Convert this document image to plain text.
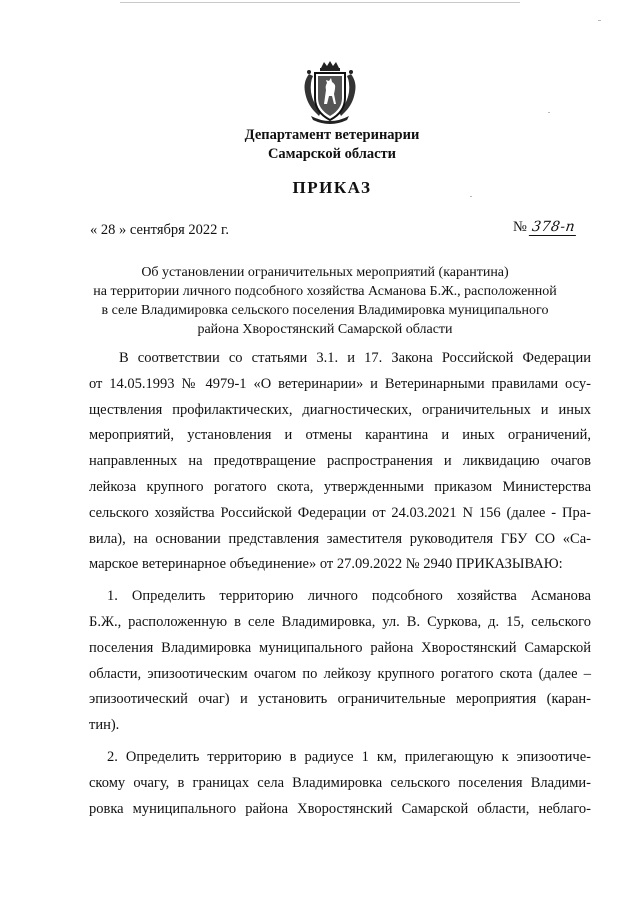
Департамент ветеринарии
Самарской области
ПРИКАЗ
« 28 » сентября 2022 г.	№ 378-п
Об установлении ограничительных мероприятий (карантина)
на территории личного подсобного хозяйства Асманова Б.Ж., расположенной
в селе Владимировка сельского поселения Владимировка муниципального
района Хворостянский Самарской области

В соответствии со статьями 3.1. и 17. Закона Российской Федерации
от 14.05.1993 № 4979-1 «О ветеринарии» и Ветеринарными правилами осу-
ществления профилактических, диагностических, ограничительных и иных
мероприятий, установления и отмены карантина и иных ограничений,
направленных на предотвращение распространения и ликвидацию очагов
лейкоза крупного рогатого скота, утвержденными приказом Министерства
сельского хозяйства Российской Федерации от 24.03.2021 N 156 (далее - Пра-
вила), на основании представления заместителя руководителя ГБУ СО «Са-
марское ветеринарное объединение» от 27.09.2022 № 2940 ПРИКАЗЫВАЮ:

1. Определить территорию личного подсобного хозяйства Асманова
Б.Ж., расположенную в селе Владимировка, ул. В. Суркова, д. 15, сельского
поселения Владимировка муниципального района Хворостянский Самарской
области, эпизоотическим очагом по лейкозу крупного рогатого скота (далее –
эпизоотический очаг) и установить ограничительные мероприятия (каран-
тин).

2. Определить территорию в радиусе 1 км, прилегающую к эпизоотиче-
скому очагу, в границах села Владимировка сельского поселения Владими-
ровка муниципального района Хворостянский Самарской области, неблаго-
